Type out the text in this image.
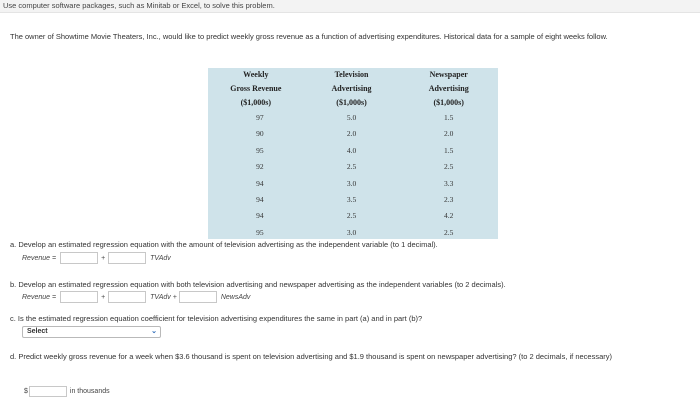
Use computer software packages, such as Minitab or Excel, to solve this problem.
The owner of Showtime Movie Theaters, Inc., would like to predict weekly gross revenue as a function of advertising expenditures. Historical data for a sample of eight weeks follow.
Weekly	Television	Newspaper
Gross Revenue	Advertising	Advertising
($1,000s)	($1,000s)	($1,000s)
97	5.0	1.5
90	2.0	2.0
95	4.0	1.5
92	2.5	2.5
94	3.0	3.3
94	3.5	2.3
94	2.5	4.2
95	3.0	2.5
a. Develop an estimated regression equation with the amount of television advertising as the independent variable (to 1 decimal).
Revenue =	+	TVAdv
b. Develop an estimated regression equation with both television advertising and newspaper advertising as the independent variables (to 2 decimals).
Revenue =	+	TVAdv +	NewsAdv
c. Is the estimated regression equation coefficient for television advertising expenditures the same in part (a) and in part (b)?
Select	⌄
d. Predict weekly gross revenue for a week when $3.6 thousand is spent on television advertising and $1.9 thousand is spent on newspaper advertising? (to 2 decimals, if necessary)
$	in thousands
